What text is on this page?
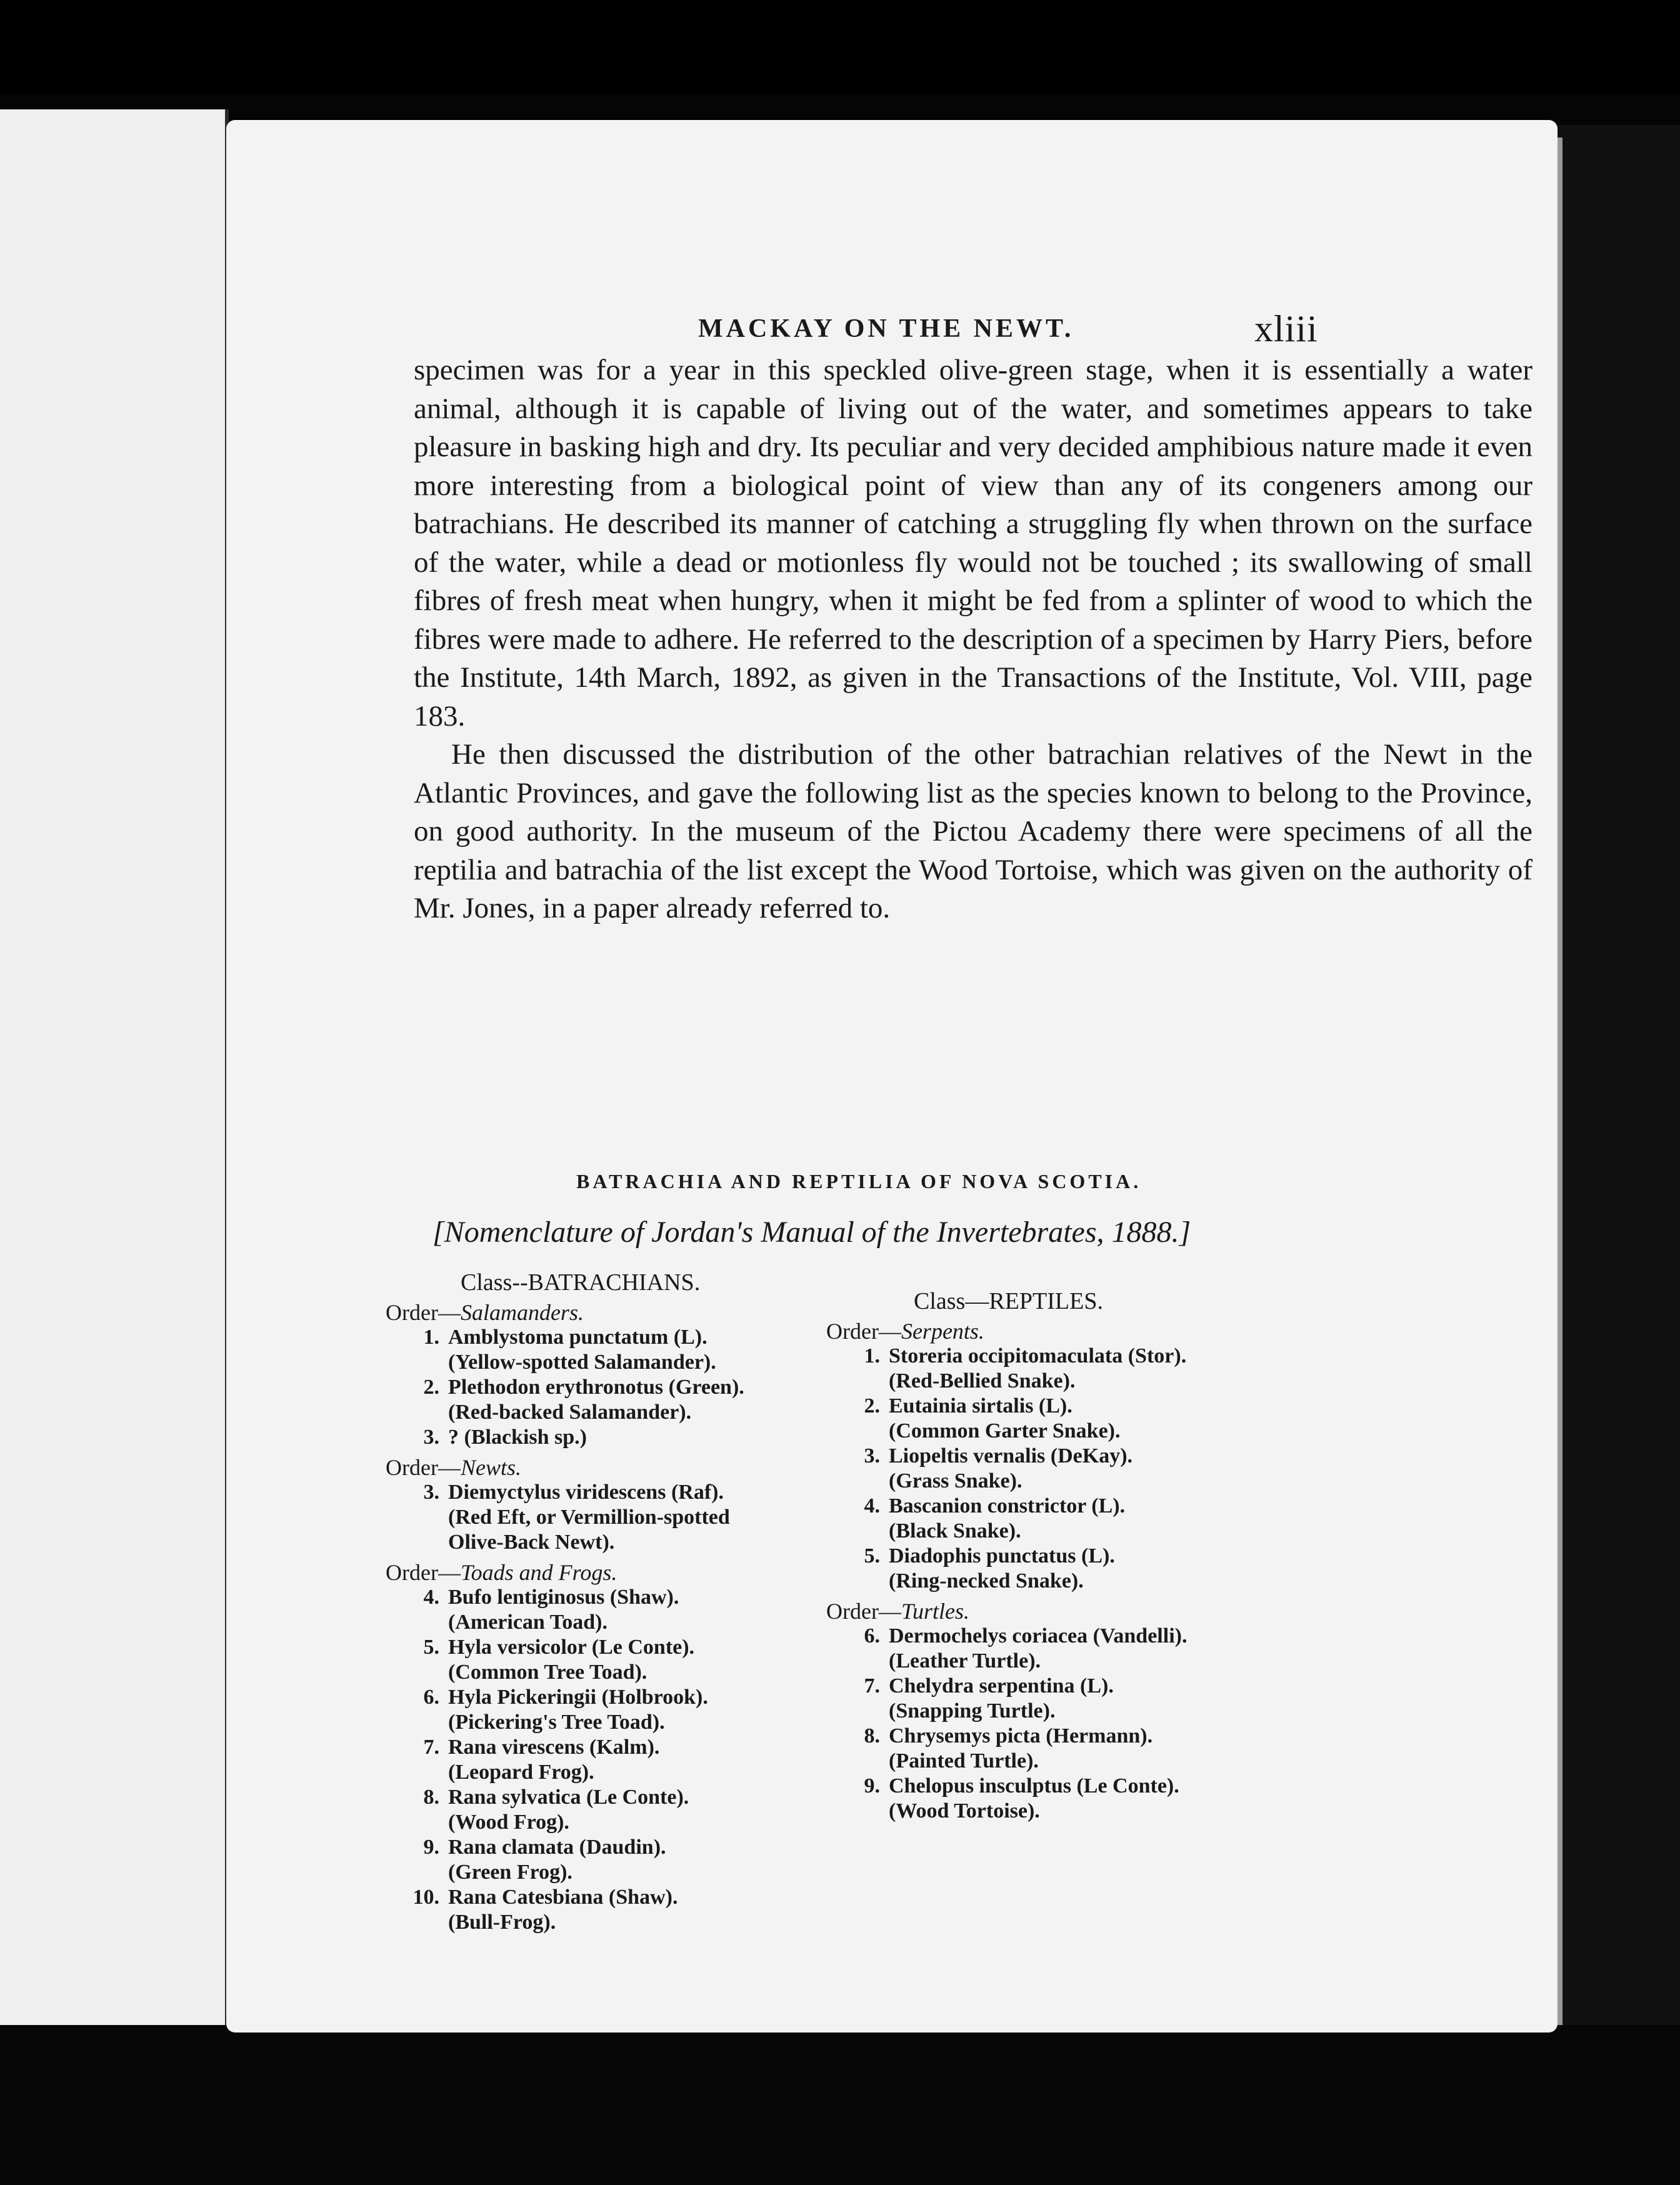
MACKAY ON THE NEWT.	xliii

specimen was for a year in this speckled olive-green stage, when it is essentially a water animal, although it is capable of living out of the water, and sometimes appears to take pleasure in basking high and dry. Its peculiar and very decided amphibious nature made it even more interesting from a biological point of view than any of its congeners among our batrachians. He described its manner of catching a struggling fly when thrown on the surface of the water, while a dead or motionless fly would not be touched ; its swallowing of small fibres of fresh meat when hungry, when it might be fed from a splinter of wood to which the fibres were made to adhere. He referred to the description of a specimen by Harry Piers, before the Institute, 14th March, 1892, as given in the Transactions of the Institute, Vol. VIII, page 183.

He then discussed the distribution of the other batrachian relatives of the Newt in the Atlantic Provinces, and gave the following list as the species known to belong to the Province, on good authority. In the museum of the Pictou Academy there were specimens of all the reptilia and batrachia of the list except the Wood Tortoise, which was given on the authority of Mr. Jones, in a paper already referred to.

BATRACHIA AND REPTILIA OF NOVA SCOTIA.
[Nomenclature of Jordan's Manual of the Invertebrates, 1888.]
Class--BATRACHIANS.
Order—Salamanders.
1. Amblystoma punctatum (L).
(Yellow-spotted Salamander).
2. Plethodon erythronotus (Green).
(Red-backed Salamander).
3. ? (Blackish sp.)
Order—Newts.
3. Diemyctylus viridescens (Raf).
(Red Eft, or Vermillion-spotted
Olive-Back Newt).
Order—Toads and Frogs.
4. Bufo lentiginosus (Shaw).
(American Toad).
5. Hyla versicolor (Le Conte).
(Common Tree Toad).
6. Hyla Pickeringii (Holbrook).
(Pickering's Tree Toad).
7. Rana virescens (Kalm).
(Leopard Frog).
8. Rana sylvatica (Le Conte).
(Wood Frog).
9. Rana clamata (Daudin).
(Green Frog).
10. Rana Catesbiana (Shaw).
(Bull-Frog).
Class—REPTILES.
Order—Serpents.
1. Storeria occipitomaculata (Stor).
(Red-Bellied Snake).
2. Eutainia sirtalis (L).
(Common Garter Snake).
3. Liopeltis vernalis (DeKay).
(Grass Snake).
4. Bascanion constrictor (L).
(Black Snake).
5. Diadophis punctatus (L).
(Ring-necked Snake).
Order—Turtles.
6. Dermochelys coriacea (Vandelli).
(Leather Turtle).
7. Chelydra serpentina (L).
(Snapping Turtle).
8. Chrysemys picta (Hermann).
(Painted Turtle).
9. Chelopus insculptus (Le Conte).
(Wood Tortoise).
